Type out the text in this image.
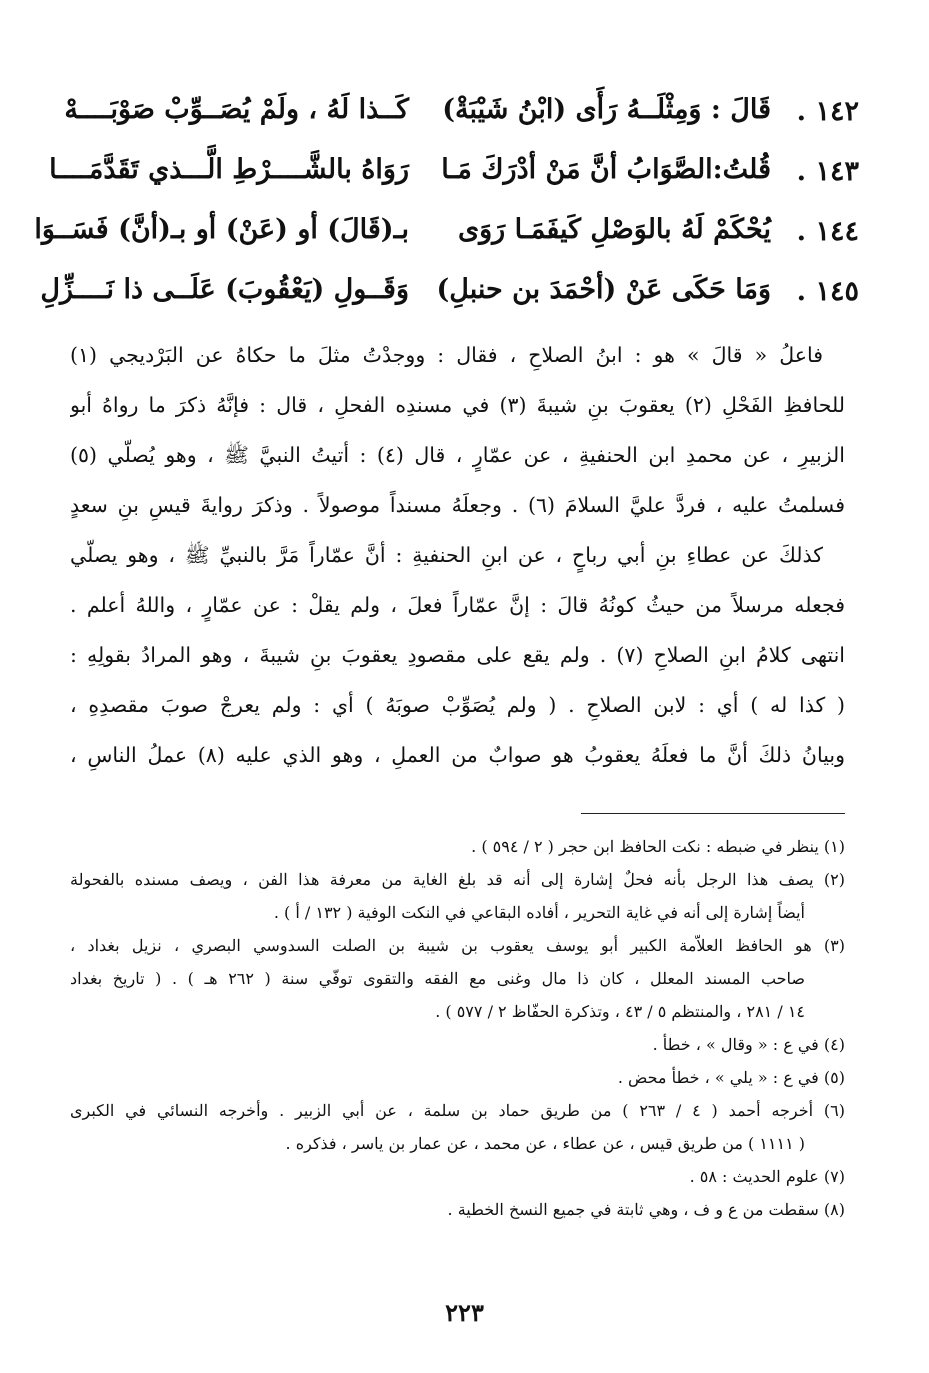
١٤٢ .
قَالَ : وَمِثْلَــهُ رَأَى (ابْنُ شَيْبَةْ)
كَــذا لَهُ ، ولَمْ يُصَــوِّبْ صَوْبَــــهْ
١٤٣ .
قُلتُ:الصَّوَابُ أنَّ مَنْ أدْرَكَ مَـا
رَوَاهُ بالشَّــــرْطِ الَّـــذي تَقَدَّمَــــا
١٤٤ .
يُحْكَمْ لَهُ بالوَصْلِ كَيفَمَـا رَوَى
بـ(قَالَ) أو (عَنْ) أو بـ(أنَّ) فَسَــوَا
١٤٥ .
وَمَا حَكَى عَنْ (أحْمَدَ بن حنبلِ)
وَقَــولِ (يَعْقُوبَ) عَلَــى ذا نَــــزِّلِ

فاعلُ « قالَ » هو : ابنُ الصلاحِ ، فقال : ووجدْتُ مثلَ ما حكاهُ عن البَرْديجي (١)

للحافظِ الفَحْلِ (٢) يعقوبَ بنِ شيبةَ (٣) في مسندِه الفحلِ ، قال : فإنَّهُ ذكرَ ما رواهُ أبو

الزبيرِ ، عن محمدِ ابن الحنفيةِ ، عن عمّارٍ ، قال (٤) : أتيتُ النبيَّ ﷺ ، وهو يُصلّي (٥)

فسلمتُ عليه ، فردَّ عليَّ السلامَ (٦) . وجعلَهُ مسنداً موصولاً . وذكرَ روايةَ قيسِ بنِ سعدٍ

كذلكَ عن عطاءِ بنِ أبي رباحٍ ، عن ابنِ الحنفيةِ : أنَّ عمّاراً مَرَّ بالنبيِّ ﷺ ، وهو يصلّي

فجعله مرسلاً من حيثُ كونُهُ قالَ : إنَّ عمّاراً فعلَ ، ولم يقلْ : عن عمّارٍ ، واللهُ أعلم .

انتهى كلامُ ابنِ الصلاحِ (٧) . ولم يقع على مقصودِ يعقوبَ بنِ شيبةَ ، وهو المرادُ بقولِهِ :

( كذا له ) أي : لابن الصلاحِ . ( ولم يُصَوِّبْ صوبَهُ ) أي : ولم يعرجْ صوبَ مقصدِهِ ،

وبيانُ ذلكَ أنَّ ما فعلَهُ يعقوبُ هو صوابٌ من العملِ ، وهو الذي عليه (٨) عملُ الناسِ ،

(١) ينظر في ضبطه : نكت الحافظ ابن حجر ( ٢ / ٥٩٤ ) .
(٢) يصف هذا الرجل بأنه فحلٌ إشارة إلى أنه قد بلغ الغاية من معرفة هذا الفن ، ويصف مسنده بالفحولة
أيضاً إشارة إلى أنه في غاية التحرير ، أفاده البقاعي في النكت الوفية ( ١٣٢ / أ ) .
(٣) هو الحافظ العلاّمة الكبير أبو يوسف يعقوب بن شيبة بن الصلت السدوسي البصري ، نزيل بغداد ،
صاحب المسند المعلل ، كان ذا مال وغنى مع الفقه والتقوى توفّي سنة ( ٢٦٢ هـ ) . ( تاريخ بغداد
١٤ / ٢٨١ ، والمنتظم ٥ / ٤٣ ، وتذكرة الحفّاظ ٢ / ٥٧٧ ) .
(٤) في ع : « وقال » ، خطأ .
(٥) في ع : « يلي » ، خطأ محض .
(٦) أخرجه أحمد ( ٤ / ٢٦٣ ) من طريق حماد بن سلمة ، عن أبي الزبير . وأخرجه النسائي في الكبرى
( ١١١١ ) من طريق قيس ، عن عطاء ، عن محمد ، عن عمار بن ياسر ، فذكره .
(٧) علوم الحديث : ٥٨ .
(٨) سقطت من ع و ف ، وهي ثابتة في جميع النسخ الخطية .
٢٢٣
